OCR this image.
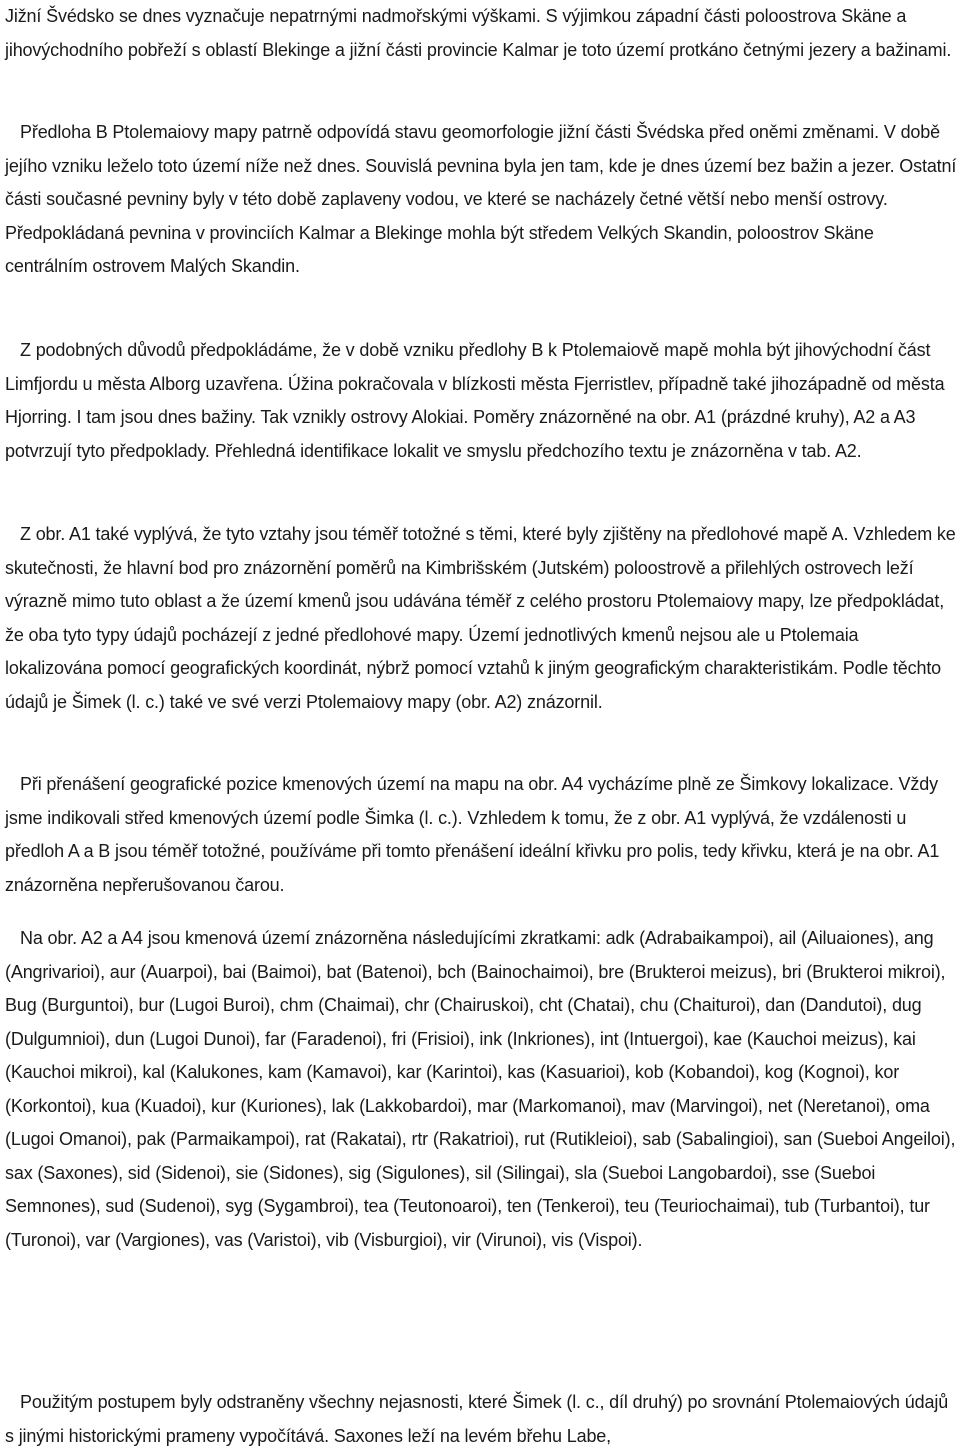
Jižní Švédsko se dnes vyznačuje nepatrnými nadmořskými výškami. S výjimkou západní části poloostrova Skäne a jihovýchodního pobřeží s oblastí Blekinge a jižní části provincie Kalmar je toto území protkáno četnými jezery a bažinami.

Předloha B Ptolemaiovy mapy patrně odpovídá stavu geomorfologie jižní části Švédska před oněmi změnami. V době jejího vzniku leželo toto území níže než dnes. Souvislá pevnina byla jen tam, kde je dnes území bez bažin a jezer. Ostatní části současné pevniny byly v této době zaplaveny vodou, ve které se nacházely četné větší nebo menší ostrovy. Předpokládaná pevnina v provinciích Kalmar a Blekinge mohla být středem Velkých Skandin, poloostrov Skäne centrálním ostrovem Malých Skandin.

Z podobných důvodů předpokládáme, že v době vzniku předlohy B k Ptolemaiově mapě mohla být jihovýchodní část Limfjordu u města Alborg uzavřena. Úžina pokračovala v blízkosti města Fjerristlev, případně také jihozápadně od města Hjorring. I tam jsou dnes bažiny. Tak vznikly ostrovy Alokiai. Poměry znázorněné na obr. A1 (prázdné kruhy), A2 a A3 potvrzují tyto předpoklady. Přehledná identifikace lokalit ve smyslu předchozího textu je znázorněna v tab. A2.

Z obr. A1 také vyplývá, že tyto vztahy jsou téměř totožné s těmi, které byly zjištěny na předlohové mapě A. Vzhledem ke skutečnosti, že hlavní bod pro znázornění poměrů na Kimbrišském (Jutském) poloostrově a přilehlých ostrovech leží výrazně mimo tuto oblast a že území kmenů jsou udávána téměř z celého prostoru Ptolemaiovy mapy, lze předpokládat, že oba tyto typy údajů pocházejí z jedné předlohové mapy. Území jednotlivých kmenů nejsou ale u Ptolemaia lokalizována pomocí geografických koordinát, nýbrž pomocí vztahů k jiným geografickým charakteristikám. Podle těchto údajů je Šimek (l. c.) také ve své verzi Ptolemaiovy mapy (obr. A2) znázornil.

Při přenášení geografické pozice kmenových území na mapu na obr. A4 vycházíme plně ze Šimkovy lokalizace. Vždy jsme indikovali střed kmenových území podle Šimka (l. c.). Vzhledem k tomu, že z obr. A1 vyplývá, že vzdálenosti u předloh A a B jsou téměř totožné, používáme při tomto přenášení ideální křivku pro polis, tedy křivku, která je na obr. A1 znázorněna nepřerušovanou čarou.

Na obr. A2 a A4 jsou kmenová území znázorněna následujícími zkratkami: adk (Adrabaikampoi), ail (Ailuaiones), ang (Angrivarioi), aur (Auarpoi), bai (Baimoi), bat (Batenoi), bch (Bainochaimoi), bre (Brukteroi meizus), bri (Brukteroi mikroi), Bug (Burguntoi), bur (Lugoi Buroi), chm (Chaimai), chr (Chairuskoi), cht (Chatai), chu (Chaituroi), dan (Dandutoi), dug (Dulgumnioi), dun (Lugoi Dunoi), far (Faradenoi), fri (Frisioi), ink (Inkriones), int (Intuergoi), kae (Kauchoi meizus), kai (Kauchoi mikroi), kal (Kalukones, kam (Kamavoi), kar (Karintoi), kas (Kasuarioi), kob (Kobandoi), kog (Kognoi), kor (Korkontoi), kua (Kuadoi), kur (Kuriones), lak (Lakkobardoi), mar (Markomanoi), mav (Marvingoi), net (Neretanoi), oma (Lugoi Omanoi), pak (Parmaikampoi), rat (Rakatai), rtr (Rakatrioi), rut (Rutikleioi), sab (Sabalingioi), san (Sueboi Angeiloi), sax (Saxones), sid (Sidenoi), sie (Sidones), sig (Sigulones), sil (Silingai), sla (Sueboi Langobardoi), sse (Sueboi Semnones), sud (Sudenoi), syg (Sygambroi), tea (Teutonoaroi), ten (Tenkeroi), teu (Teuriochaimai), tub (Turbantoi), tur (Turonoi), var (Vargiones), vas (Varistoi), vib (Visburgioi), vir (Virunoi), vis (Vispoi).

Použitým postupem byly odstraněny všechny nejasnosti, které Šimek (l. c., díl druhý) po srovnání Ptolemaiových údajů s jinými historickými prameny vypočítává. Saxones leží na levém břehu Labe,
